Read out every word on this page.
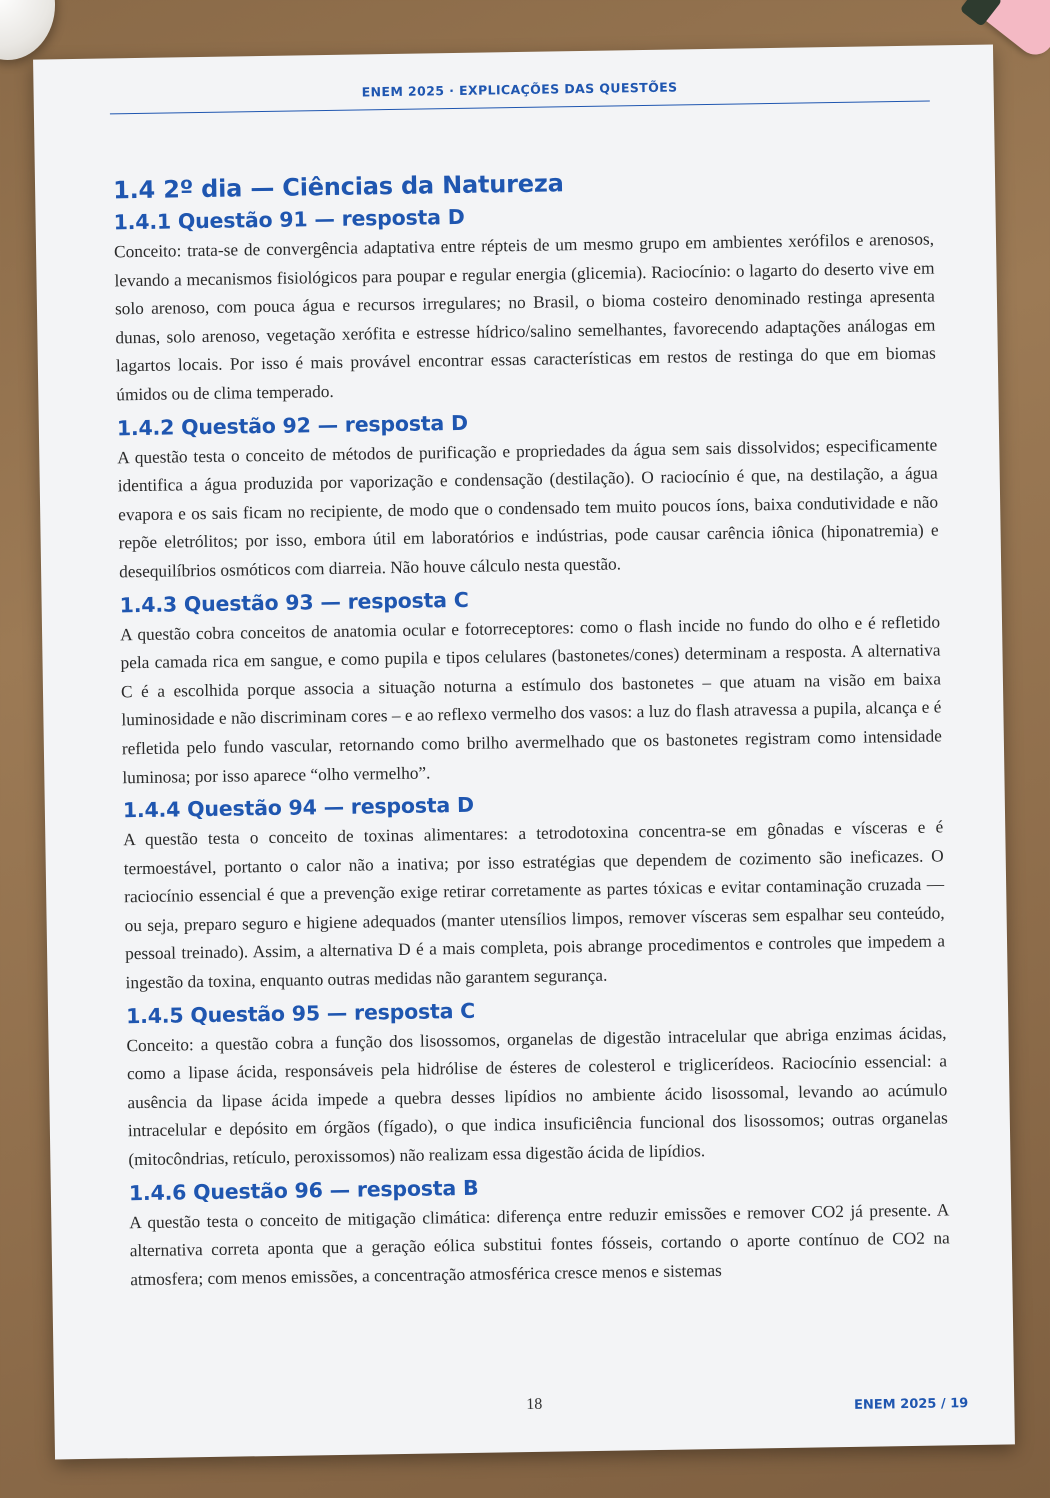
ENEM 2025 · EXPLICAÇÕES DAS QUESTÕES
1.4 2º dia — Ciências da Natureza
1.4.1 Questão 91 — resposta D

Conceito: trata-se de convergência adaptativa entre répteis de um mesmo grupo em ambientes xerófilos e arenosos, levando a mecanismos fisiológicos para poupar e regular energia (glicemia). Raciocínio: o lagarto do deserto vive em solo arenoso, com pouca água e recursos irregulares; no Brasil, o bioma costeiro denominado restinga apresenta dunas, solo arenoso, vegetação xerófita e estresse hídrico/salino semelhantes, favorecendo adaptações análogas em lagartos locais. Por isso é mais provável encontrar essas características em restos de restinga do que em biomas úmidos ou de clima temperado.

1.4.2 Questão 92 — resposta D

A questão testa o conceito de métodos de purificação e propriedades da água sem sais dissolvidos; especificamente identifica a água produzida por vaporização e condensação (destilação). O raciocínio é que, na destilação, a água evapora e os sais ficam no recipiente, de modo que o condensado tem muito poucos íons, baixa condutividade e não repõe eletrólitos; por isso, embora útil em laboratórios e indústrias, pode causar carência iônica (hiponatremia) e desequilíbrios osmóticos com diarreia. Não houve cálculo nesta questão.

1.4.3 Questão 93 — resposta C

A questão cobra conceitos de anatomia ocular e fotorreceptores: como o flash incide no fundo do olho e é refletido pela camada rica em sangue, e como pupila e tipos celulares (bastonetes/cones) determinam a resposta. A alternativa C é a escolhida porque associa a situação noturna a estímulo dos bastonetes – que atuam na visão em baixa luminosidade e não discriminam cores – e ao reflexo vermelho dos vasos: a luz do flash atravessa a pupila, alcança e é refletida pelo fundo vascular, retornando como brilho avermelhado que os bastonetes registram como intensidade luminosa; por isso aparece “olho vermelho”.

1.4.4 Questão 94 — resposta D

A questão testa o conceito de toxinas alimentares: a tetrodotoxina concentra-se em gônadas e vísceras e é termoestável, portanto o calor não a inativa; por isso estratégias que dependem de cozimento são ineficazes. O raciocínio essencial é que a prevenção exige retirar corretamente as partes tóxicas e evitar contaminação cruzada — ou seja, preparo seguro e higiene adequados (manter utensílios limpos, remover vísceras sem espalhar seu conteúdo, pessoal treinado). Assim, a alternativa D é a mais completa, pois abrange procedimentos e controles que impedem a ingestão da toxina, enquanto outras medidas não garantem segurança.

1.4.5 Questão 95 — resposta C

Conceito: a questão cobra a função dos lisossomos, organelas de digestão intracelular que abriga enzimas ácidas, como a lipase ácida, responsáveis pela hidrólise de ésteres de colesterol e triglicerídeos. Raciocínio essencial: a ausência da lipase ácida impede a quebra desses lipídios no ambiente ácido lisossomal, levando ao acúmulo intracelular e depósito em órgãos (fígado), o que indica insuficiência funcional dos lisossomos; outras organelas (mitocôndrias, retículo, peroxissomos) não realizam essa digestão ácida de lipídios.

1.4.6 Questão 96 — resposta B

A questão testa o conceito de mitigação climática: diferença entre reduzir emissões e remover CO2 já presente. A alternativa correta aponta que a geração eólica substitui fontes fósseis, cortando o aporte contínuo de CO2 na atmosfera; com menos emissões, a concentração atmosférica cresce menos e sistemas

18	ENEM 2025 / 19
